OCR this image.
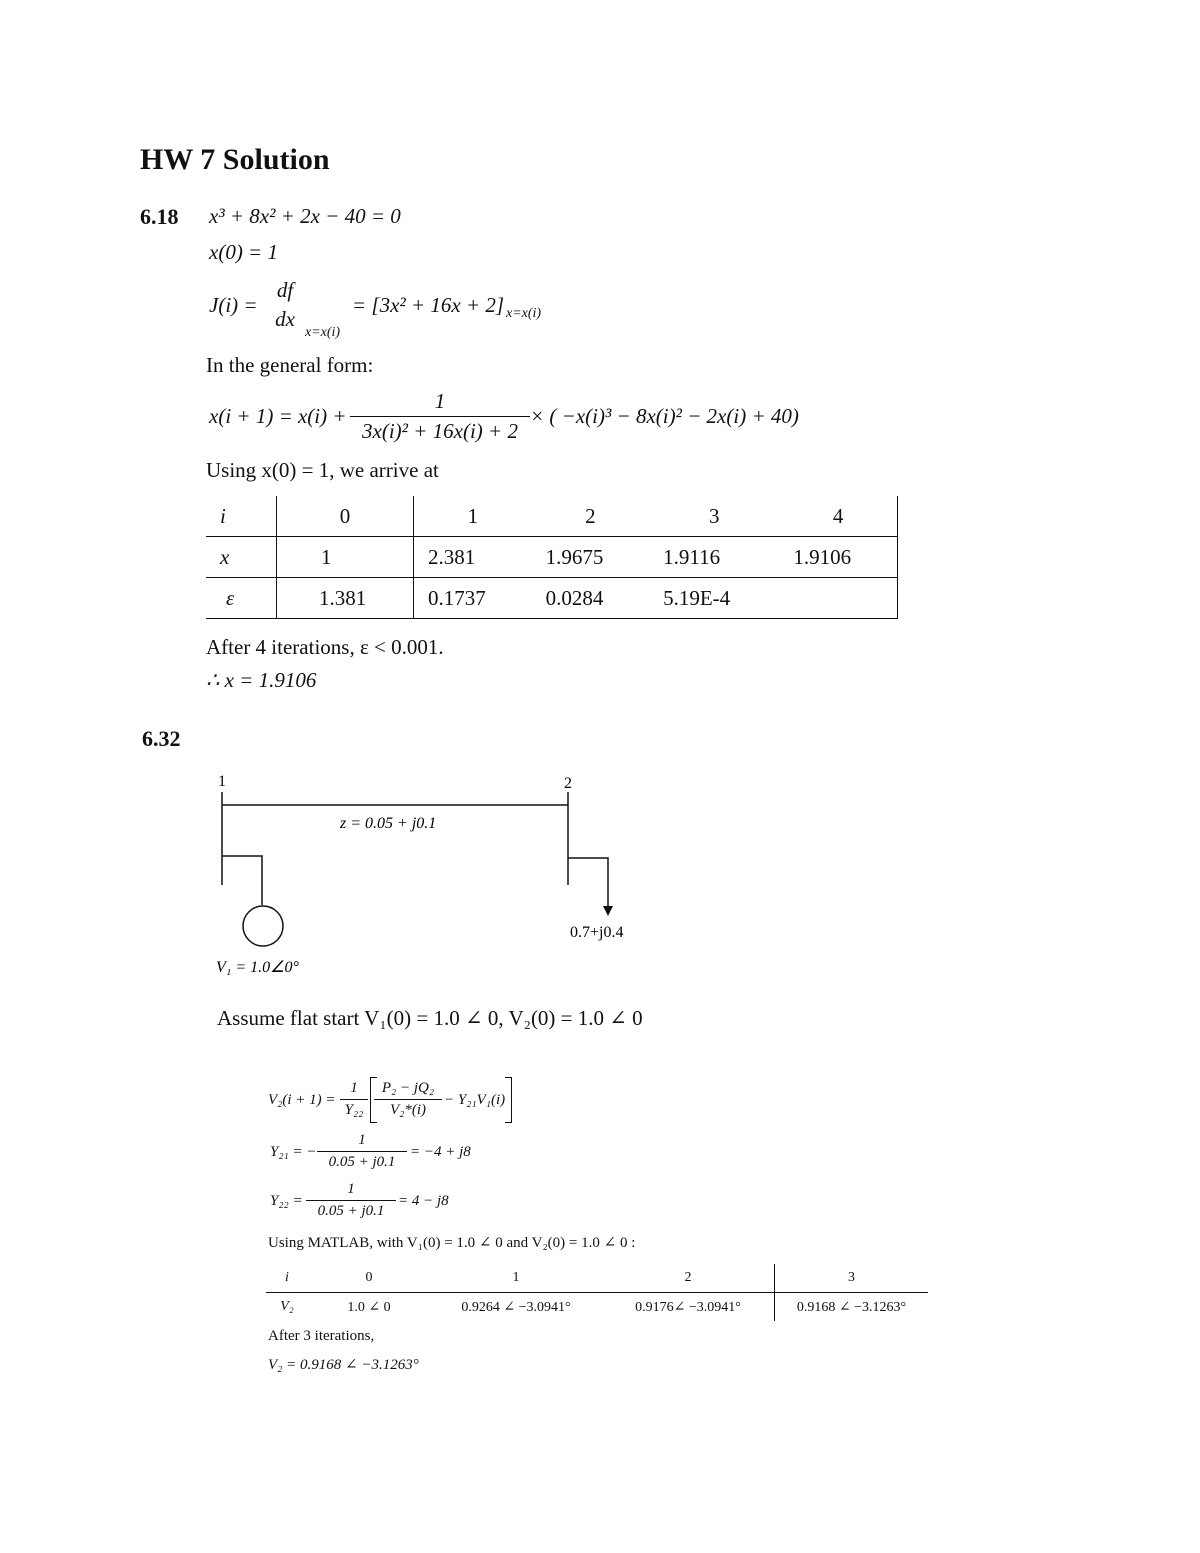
HW 7 Solution
6.18 x³ + 8x² + 2x − 40 = 0
x(0) = 1
J(i) =
df
dx
x=x(i)
= [3x² + 16x + 2] x=x(i)
In the general form:
$x(i + 1) = x(i) + \frac{1}{\text{3x(i)² + 16x(i) + 2}}$ × ( −x(i)³ − 8x(i)² − 2x(i) + 40)
Using x(0) = 1, we arrive at
i	0	1	2	3	4
x	1	2.381	1.9675	1.9116	1.9106
ε	1.381	0.1737	0.0284	5.19E-4	
After 4 iterations, ε < 0.001.
∴ x = 1.9106
6.32
1	2
z = 0.05 + j0.1
0.7+j0.4
V₁ = 1.0∠0°
Assume flat start V₁(0) = 1.0 ∠ 0, V₂(0) = 1.0 ∠ 0
$V_2(i + 1) = \frac{1}{\text{Y₂₂}} \frac{\text{P₂ − jQ₂}}{\text{V₂*(i)}} - Y_{21}V_1(i)$
Y₂₁ = − $\frac{1}{0.05 + j0.1} = -4 + j8$
$Y_{22} = \frac{1}{0.05 + j0.1} = 4 - j8$
Using MATLAB, with V₁(0) = 1.0 ∠ 0 and V₂(0) = 1.0 ∠ 0 :
i	0	1	2	3
V₂	1.0 ∠ 0	0.9264 ∠ −3.0941°	0.9176∠ −3.0941°	0.9168 ∠ −3.1263°
After 3 iterations,
V₂ = 0.9168 ∠ −3.1263°
